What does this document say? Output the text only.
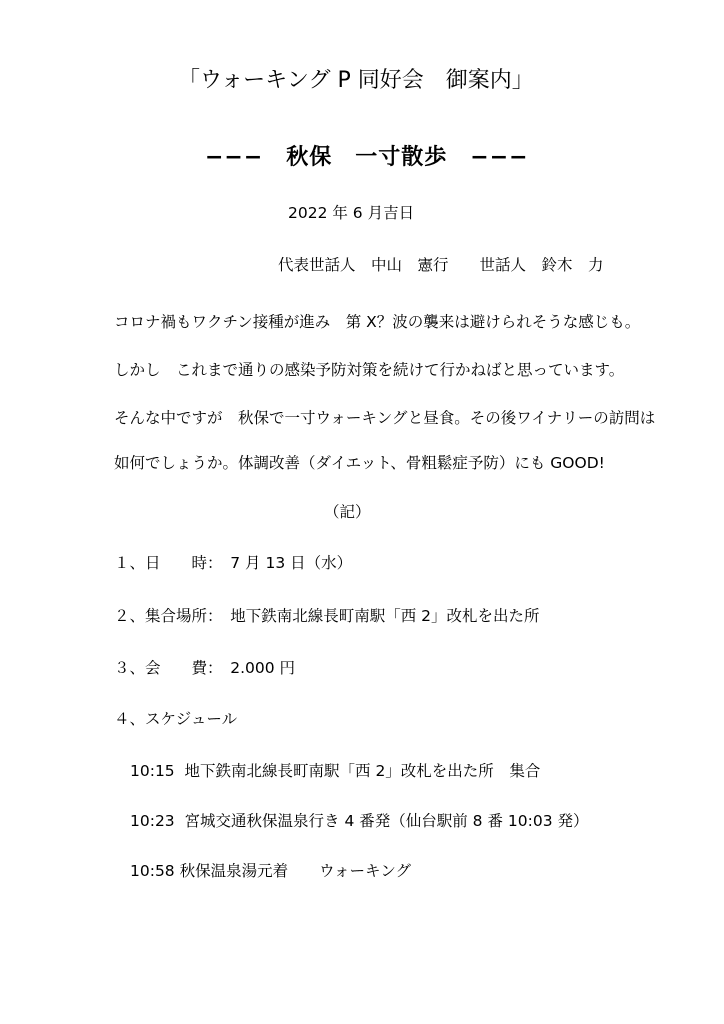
「ウォーキング P 同好会　御案内」
−−−　秋保　一寸散歩　−−−
2022 年 6 月吉日
代表世話人　中山　憲行　　世話人　鈴木　力
コロナ禍もワクチン接種が進み　第 X？波の襲来は避けられそうな感じも。
しかし　これまで通りの感染予防対策を続けて行かねばと思っています。
そんな中ですが　秋保で一寸ウォーキングと昼食。その後ワイナリーの訪問は
如何でしょうか。体調改善（ダイエット、骨粗鬆症予防）にも GOOD!
（記）
１、日　　時：　7 月 13 日（水）
２、集合場所：　地下鉄南北線長町南駅「西 2」改札を出た所
３、会　　費：　2.000 円
４、スケジュール
10:15  地下鉄南北線長町南駅「西 2」改札を出た所　集合
10:23  宮城交通秋保温泉行き 4 番発（仙台駅前 8 番 10:03 発）
10:58 秋保温泉湯元着　　ウォーキング
